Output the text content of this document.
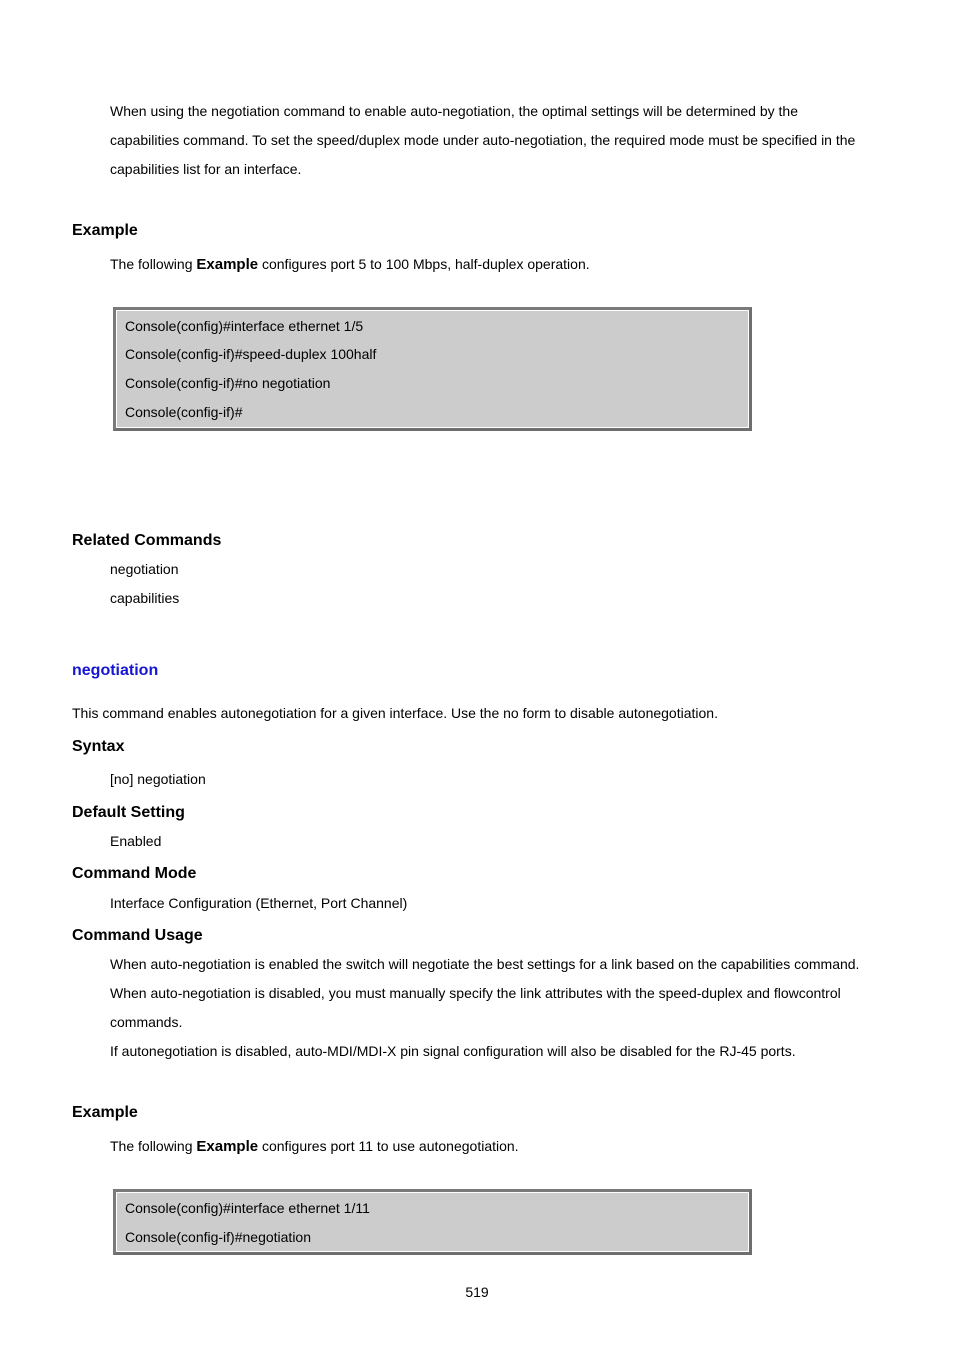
When using the negotiation command to enable auto-negotiation, the optimal settings will be determined by the
capabilities command. To set the speed/duplex mode under auto-negotiation, the required mode must be specified in the
capabilities list for an interface.
Example
The following Example configures port 5 to 100 Mbps, half-duplex operation.
Console(config)#interface ethernet 1/5
Console(config-if)#speed-duplex 100half
Console(config-if)#no negotiation
Console(config-if)#
Related Commands
negotiation
capabilities
negotiation
This command enables autonegotiation for a given interface. Use the no form to disable autonegotiation.
Syntax
[no] negotiation
Default Setting
Enabled
Command Mode
Interface Configuration (Ethernet, Port Channel)
Command Usage
When auto-negotiation is enabled the switch will negotiate the best settings for a link based on the capabilities command.
When auto-negotiation is disabled, you must manually specify the link attributes with the speed-duplex and flowcontrol
commands.
If autonegotiation is disabled, auto-MDI/MDI-X pin signal configuration will also be disabled for the RJ-45 ports.
Example
The following Example configures port 11 to use autonegotiation.
Console(config)#interface ethernet 1/11
Console(config-if)#negotiation
519
